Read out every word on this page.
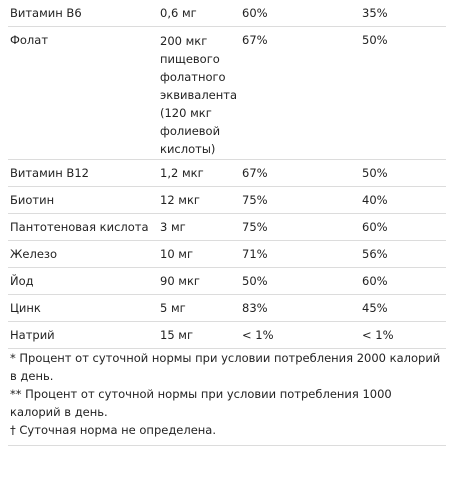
Витамин B6	0,6 мг	60%	35%
Фолат	200 мкг
пищевого
фолатного
эквивалента
(120 мкг
фолиевой
кислоты)
67%	50%
Витамин B12	1,2 мкг	67%	50%
Биотин	12 мкг	75%	40%
Пантотеновая кислота 3 мг	75%	60%
Железо	10 мг	71%	56%
Йод	90 мкг	50%	60%
Цинк	5 мг	83%	45%
Натрий	15 мг	< 1%	< 1%
* Процент от суточной нормы при условии потребления 2000 калорий в день.
** Процент от суточной нормы при условии потребления 1000 калорий в день.
† Суточная норма не определена.
